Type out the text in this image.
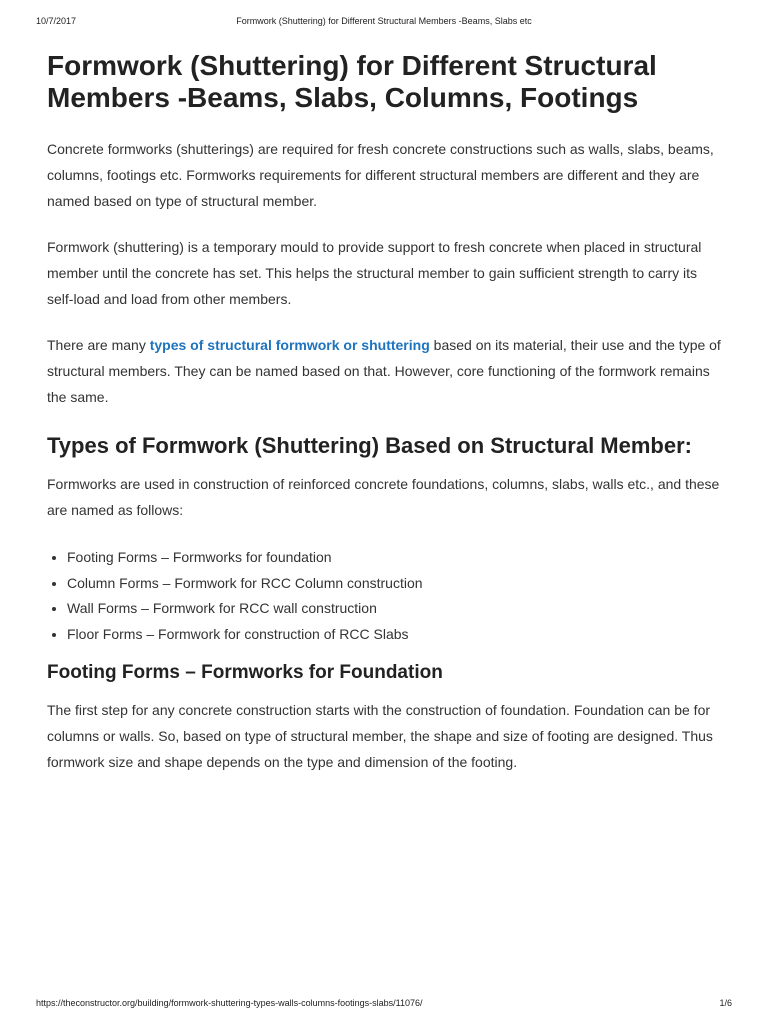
10/7/2017	Formwork (Shuttering) for Different Structural Members -Beams, Slabs etc
Formwork (Shuttering) for Different Structural Members -Beams, Slabs, Columns, Footings

Concrete formworks (shutterings) are required for fresh concrete constructions such as walls, slabs, beams, columns, footings etc. Formworks requirements for different structural members are different and they are named based on type of structural member.

Formwork (shuttering) is a temporary mould to provide support to fresh concrete when placed in structural member until the concrete has set. This helps the structural member to gain sufficient strength to carry its self-load and load from other members.

There are many types of structural formwork or shuttering based on its material, their use and the type of structural members. They can be named based on that. However, core functioning of the formwork remains the same.

Types of Formwork (Shuttering) Based on Structural Member:

Formworks are used in construction of reinforced concrete foundations, columns, slabs, walls etc., and these are named as follows:

• Footing Forms – Formworks for foundation
• Column Forms – Formwork for RCC Column construction
• Wall Forms – Formwork for RCC wall construction
• Floor Forms – Formwork for construction of RCC Slabs
Footing Forms – Formworks for Foundation

The first step for any concrete construction starts with the construction of foundation. Foundation can be for columns or walls. So, based on type of structural member, the shape and size of footing are designed. Thus formwork size and shape depends on the type and dimension of the footing.

https://theconstructor.org/building/formwork-shuttering-types-walls-columns-footings-slabs/11076/	1/6
